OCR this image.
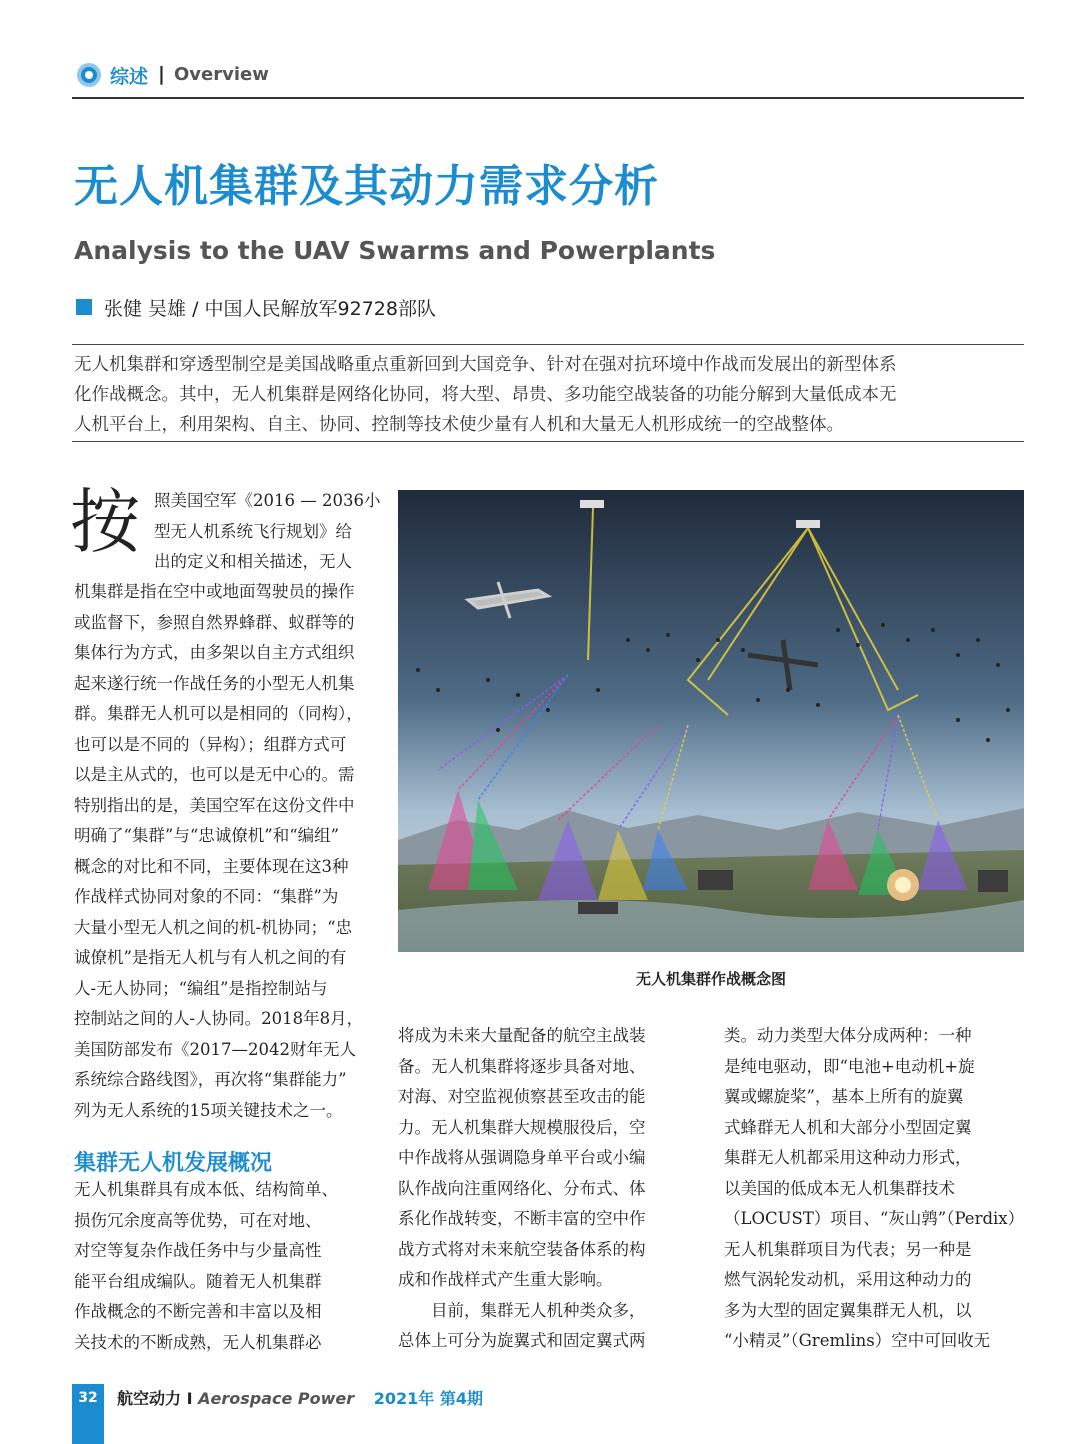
综述 | Overview
无人机集群及其动力需求分析
Analysis to the UAV Swarms and Powerplants
张健 吴雄 / 中国人民解放军92728部队
无人机集群和穿透型制空是美国战略重点重新回到大国竞争、针对在强对抗环境中作战而发展出的新型体系
化作战概念。其中，无人机集群是网络化协同，将大型、昂贵、多功能空战装备的功能分解到大量低成本无
人机平台上，利用架构、自主、协同、控制等技术使少量有人机和大量无人机形成统一的空战整体。
按 照美国空军《2016 — 2036小
型无人机系统飞行规划》给
出的定义和相关描述，无人
机集群是指在空中或地面驾驶员的操作
或监督下，参照自然界蜂群、蚁群等的
集体行为方式，由多架以自主方式组织
起来遂行统一作战任务的小型无人机集
群。集群无人机可以是相同的（同构），
也可以是不同的（异构）；组群方式可
以是主从式的，也可以是无中心的。需
特别指出的是，美国空军在这份文件中
明确了“集群”与“忠诚僚机”和“编组”
概念的对比和不同，主要体现在这3种
作战样式协同对象的不同：“集群”为
大量小型无人机之间的机-机协同；“忠
诚僚机”是指无人机与有人机之间的有
人-无人协同；“编组”是指控制站与
控制站之间的人-人协同。2018年8月，
美国防部发布《2017—2042财年无人
系统综合路线图》，再次将“集群能力”
列为无人系统的15项关键技术之一。
集群无人机发展概况
无人机集群具有成本低、结构简单、
损伤冗余度高等优势，可在对地、
对空等复杂作战任务中与少量高性
能平台组成编队。随着无人机集群
作战概念的不断完善和丰富以及相
关技术的不断成熟，无人机集群必
无人机集群作战概念图
将成为未来大量配备的航空主战装
备。无人机集群将逐步具备对地、
对海、对空监视侦察甚至攻击的能
力。无人机集群大规模服役后，空
中作战将从强调隐身单平台或小编
队作战向注重网络化、分布式、体
系化作战转变，不断丰富的空中作
战方式将对未来航空装备体系的构
成和作战样式产生重大影响。
　　目前，集群无人机种类众多，
总体上可分为旋翼式和固定翼式两
类。动力类型大体分成两种：一种
是纯电驱动，即“电池+电动机+旋
翼或螺旋桨”，基本上所有的旋翼
式蜂群无人机和大部分小型固定翼
集群无人机都采用这种动力形式，
以美国的低成本无人机集群技术
（LOCUST）项目、“灰山鹑”（Perdix）
无人机集群项目为代表；另一种是
燃气涡轮发动机，采用这种动力的
多为大型的固定翼集群无人机，以
“小精灵”（Gremlins）空中可回收无
32	航空动力 I Aerospace Power 2021年 第4期
